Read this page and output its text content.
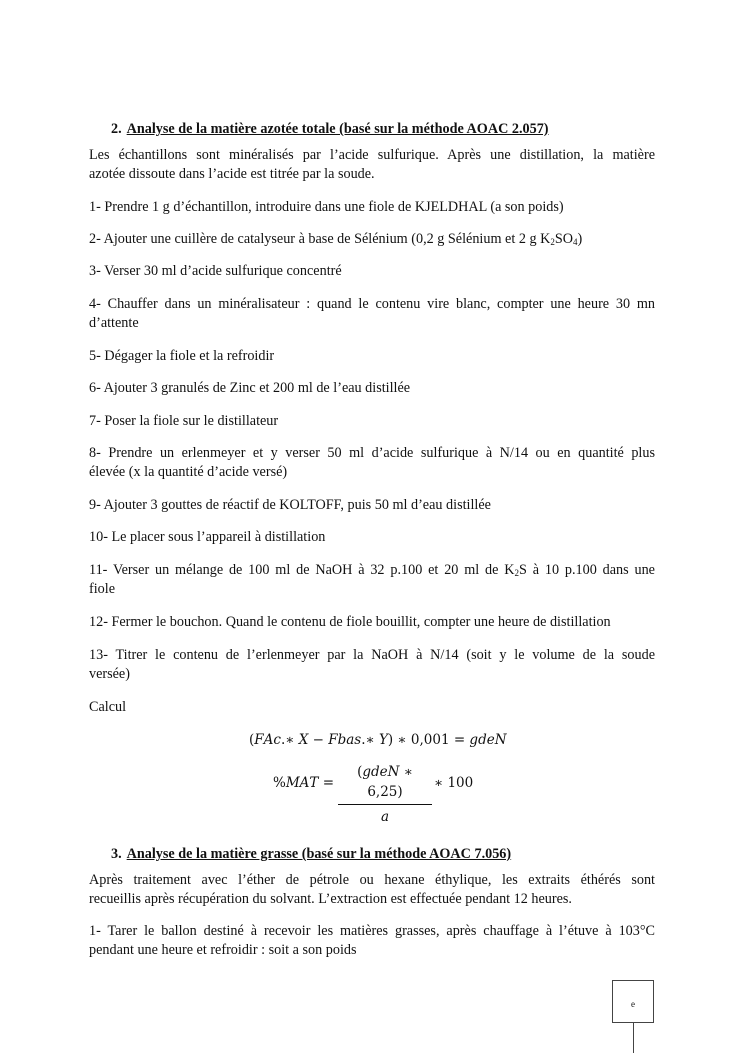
2. Analyse de la matière azotée totale (basé sur la méthode AOAC 2.057)
Les échantillons sont minéralisés par l’acide sulfurique. Après une distillation, la matière
azotée dissoute dans l’acide est titrée par la soude.
1- Prendre 1 g d’échantillon, introduire dans une fiole de KJELDHAL (a son poids)
2- Ajouter une cuillère de catalyseur à base de Sélénium (0,2 g Sélénium et 2 g $K_2SO_4$)
3- Verser 30 ml d’acide sulfurique concentré
4- Chauffer dans un minéralisateur : quand le contenu vire blanc, compter une heure 30 mn
d’attente
5- Dégager la fiole et la refroidir
6- Ajouter 3 granulés de Zinc et 200 ml de l’eau distillée
7- Poser la fiole sur le distillateur
8- Prendre un erlenmeyer et y verser 50 ml d’acide sulfurique à N/14 ou en quantité plus
élevée (x la quantité d’acide versé)
9- Ajouter 3 gouttes de réactif de KOLTOFF, puis 50 ml d’eau distillée
10- Le placer sous l’appareil à distillation
11- Verser un mélange de 100 ml de NaOH à 32 p.100 et 20 ml de $K_2S$ à 10 p.100 dans une
fiole
12- Fermer le bouchon. Quand le contenu de fiole bouillit, compter une heure de distillation
13- Titrer le contenu de l’erlenmeyer par la NaOH à N/14 (soit y le volume de la soude
versée)
Calcul
3. Analyse de la matière grasse (basé sur la méthode AOAC 7.056)
Après traitement avec l’éther de pétrole ou hexane éthylique, les extraits éthérés sont
recueillis après récupération du solvant. L’extraction est effectuée pendant 12 heures.
1- Tarer le ballon destiné à recevoir les matières grasses, après chauffage à l’étuve à 103°C
pendant une heure et refroidir : soit a son poids
(𝐹𝐴𝑐.∗ 𝑋 − 𝐹𝑏𝑎𝑠.∗ 𝑌) ∗ 0,001 = 𝑔𝑑𝑒𝑁
%𝑀𝐴𝑇 =
(𝑔𝑑𝑒𝑁 ∗ 6,25)
𝑎
∗ 100
e
